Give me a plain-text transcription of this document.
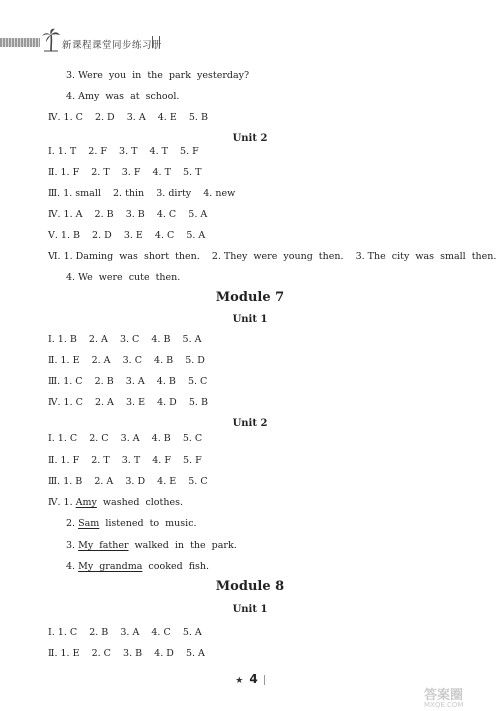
新课程课堂同步练习册
3. Were  you  in  the  park  yesterday?
4. Amy  was  at  school.
Ⅳ. 1. C    2. D    3. A    4. E    5. B
Unit 2
Ⅰ. 1. T    2. F    3. T    4. T    5. F
Ⅱ. 1. F    2. T    3. F    4. T    5. T
Ⅲ. 1. small    2. thin    3. dirty    4. new
Ⅳ. 1. A    2. B    3. B    4. C    5. A
Ⅴ. 1. B    2. D    3. E    4. C    5. A
Ⅵ. 1. Daming  was  short  then.    2. They  were  young  then.    3. The  city  was  small  then.
4. We  were  cute  then.
Module 7
Unit 1
Ⅰ. 1. B    2. A    3. C    4. B    5. A
Ⅱ. 1. E    2. A    3. C    4. B    5. D
Ⅲ. 1. C    2. B    3. A    4. B    5. C
Ⅳ. 1. C    2. A    3. E    4. D    5. B
Unit 2
Ⅰ. 1. C    2. C    3. A    4. B    5. C
Ⅱ. 1. F    2. T    3. T    4. F    5. F
Ⅲ. 1. B    2. A    3. D    4. E    5. C
Ⅳ. 1. Amy  washed  clothes.
2. Sam  listened  to  music.
3. My  father  walked  in  the  park.
4. My  grandma  cooked  fish.
Module 8
Unit 1
Ⅰ. 1. C    2. B    3. A    4. C    5. A
Ⅱ. 1. E    2. C    3. B    4. D    5. A
★ 4
答案圈
MXQE.COM
